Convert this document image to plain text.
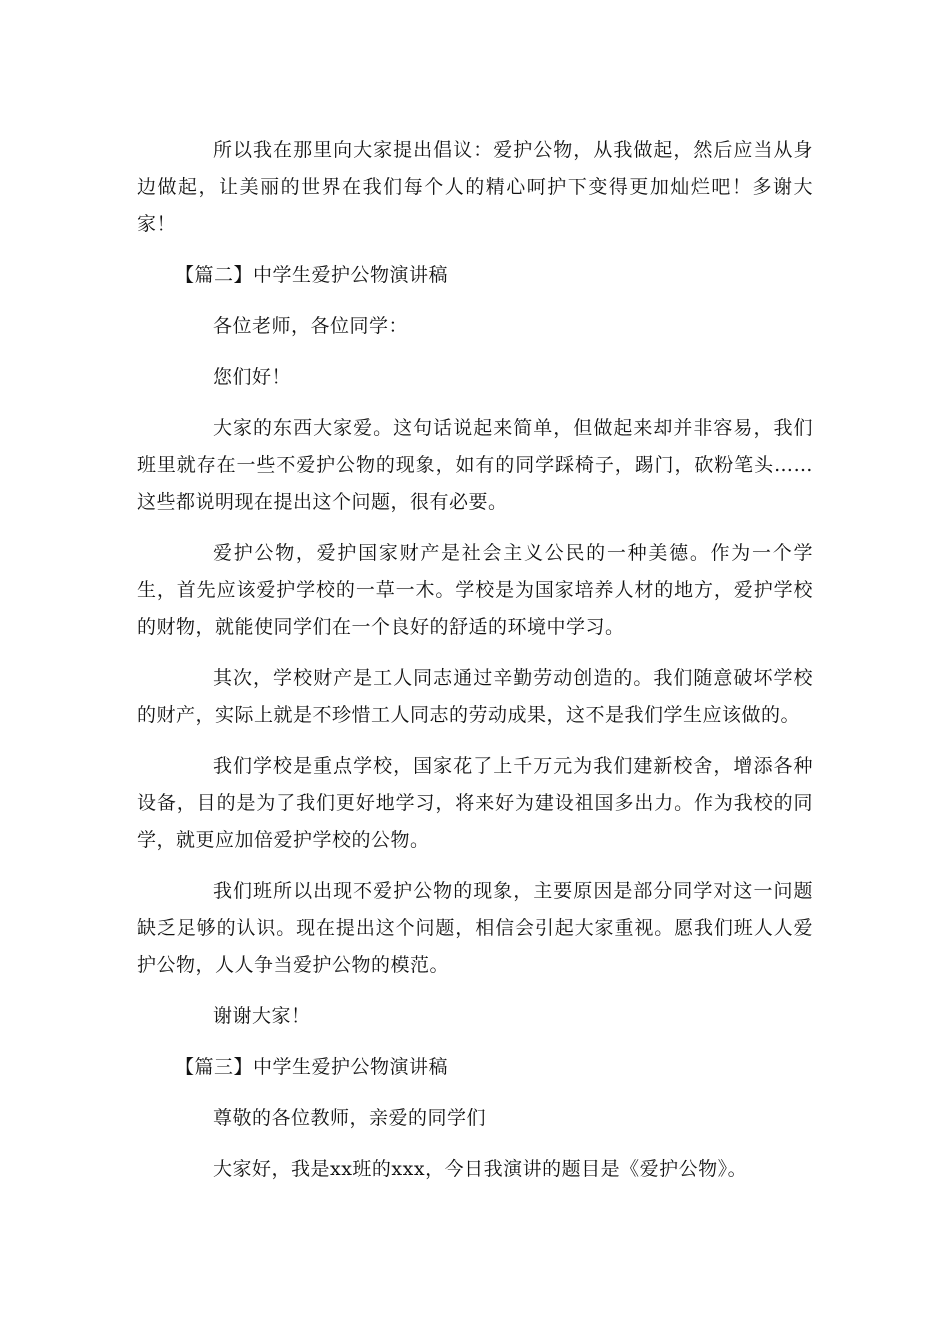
所以我在那里向大家提出倡议：爱护公物，从我做起，然后应当从身边做起，让美丽的世界在我们每个人的精心呵护下变得更加灿烂吧！多谢大家！

【篇二】中学生爱护公物演讲稿

各位老师，各位同学：

您们好！

大家的东西大家爱。这句话说起来简单，但做起来却并非容易，我们班里就存在一些不爱护公物的现象，如有的同学踩椅子，踢门，砍粉笔头……这些都说明现在提出这个问题，很有必要。

爱护公物，爱护国家财产是社会主义公民的一种美德。作为一个学生，首先应该爱护学校的一草一木。学校是为国家培养人材的地方，爱护学校的财物，就能使同学们在一个良好的舒适的环境中学习。

其次，学校财产是工人同志通过辛勤劳动创造的。我们随意破坏学校的财产，实际上就是不珍惜工人同志的劳动成果，这不是我们学生应该做的。

我们学校是重点学校，国家花了上千万元为我们建新校舍，增添各种设备，目的是为了我们更好地学习，将来好为建设祖国多出力。作为我校的同学，就更应加倍爱护学校的公物。

我们班所以出现不爱护公物的现象，主要原因是部分同学对这一问题缺乏足够的认识。现在提出这个问题，相信会引起大家重视。愿我们班人人爱护公物，人人争当爱护公物的模范。

谢谢大家！

【篇三】中学生爱护公物演讲稿

尊敬的各位教师，亲爱的同学们

大家好，我是xx班的xxx，今日我演讲的题目是《爱护公物》。
